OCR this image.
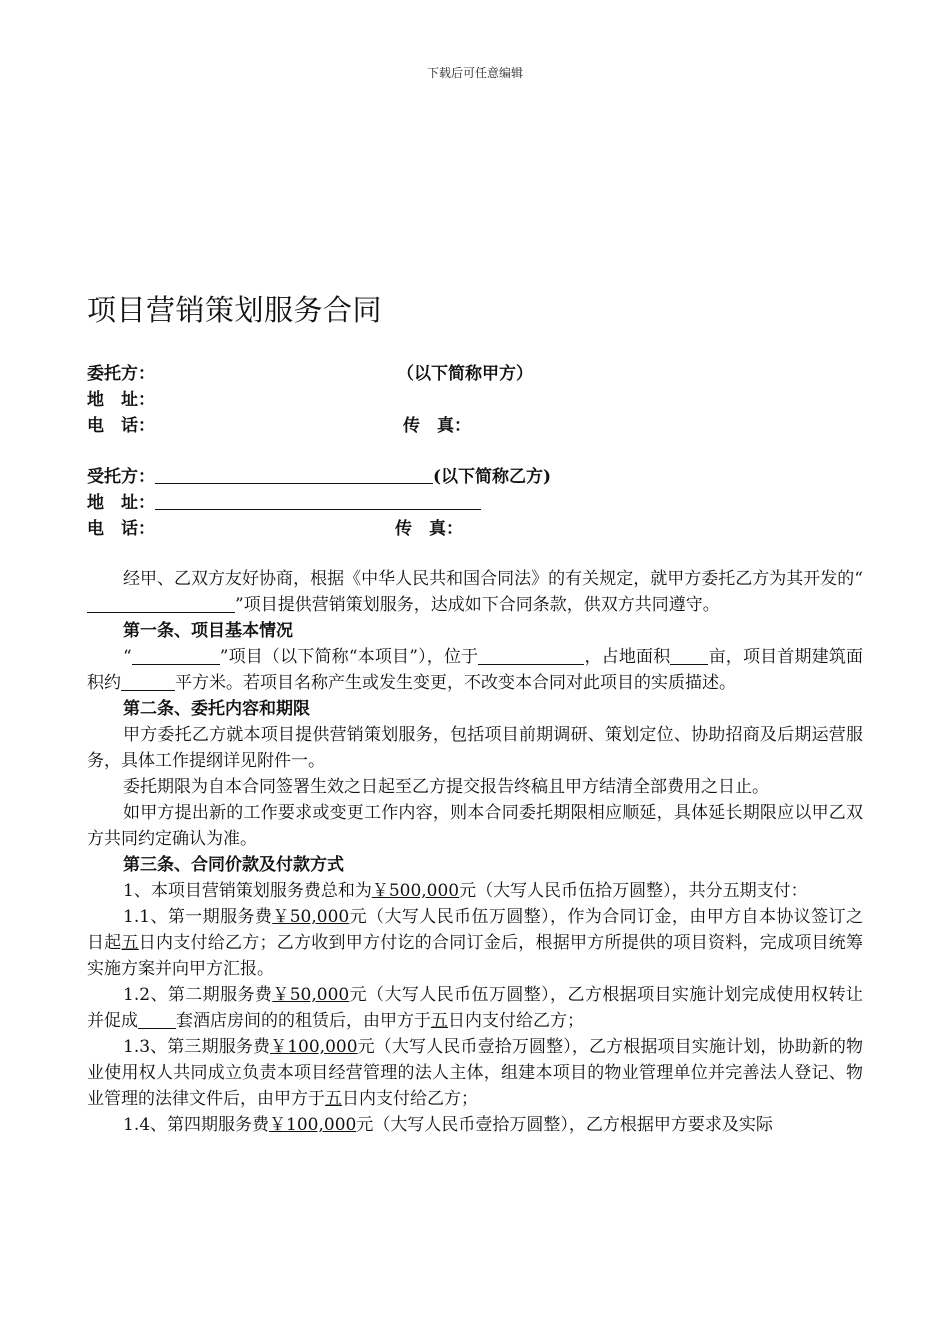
下载后可任意编辑
项目营销策划服务合同
委托方：	（以下简称甲方）
地　址：
电　话：	传　真：
受托方：	(以下简称乙方)
地　址：
电　话：	传　真：

经甲、乙双方友好协商，根据《中华人民共和国合同法》的有关规定，就甲方委托乙方为其开发的“”项目提供营销策划服务，达成如下合同条款，供双方共同遵守。

第一条、项目基本情况

“	”项目（以下简称“本项目”），位于	，占地面积 亩，项目首期建筑面积约	平方米。若项目名称产生或发生变更，不改变本合同对此项目的实质描述。

第二条、委托内容和期限

甲方委托乙方就本项目提供营销策划服务，包括项目前期调研、策划定位、协助招商及后期运营服务，具体工作提纲详见附件一。

委托期限为自本合同签署生效之日起至乙方提交报告终稿且甲方结清全部费用之日止。

如甲方提出新的工作要求或变更工作内容，则本合同委托期限相应顺延，具体延长期限应以甲乙双方共同约定确认为准。

第三条、合同价款及付款方式

1、本项目营销策划服务费总和为￥500,000元（大写人民币伍拾万圆整），共分五期支付：

1.1、第一期服务费￥50,000元（大写人民币伍万圆整），作为合同订金，由甲方自本协议签订之日起五日内支付给乙方；乙方收到甲方付讫的合同订金后，根据甲方所提供的项目资料，完成项目统筹实施方案并向甲方汇报。

1.2、第二期服务费￥50,000元（大写人民币伍万圆整），乙方根据项目实施计划完成使用权转让并促成 套酒店房间的的租赁后，由甲方于五日内支付给乙方；

1.3、第三期服务费￥100,000元（大写人民币壹拾万圆整），乙方根据项目实施计划，协助新的物业使用权人共同成立负责本项目经营管理的法人主体，组建本项目的物业管理单位并完善法人登记、物业管理的法律文件后，由甲方于五日内支付给乙方；

1.4、第四期服务费￥100,000元（大写人民币壹拾万圆整），乙方根据甲方要求及实际
